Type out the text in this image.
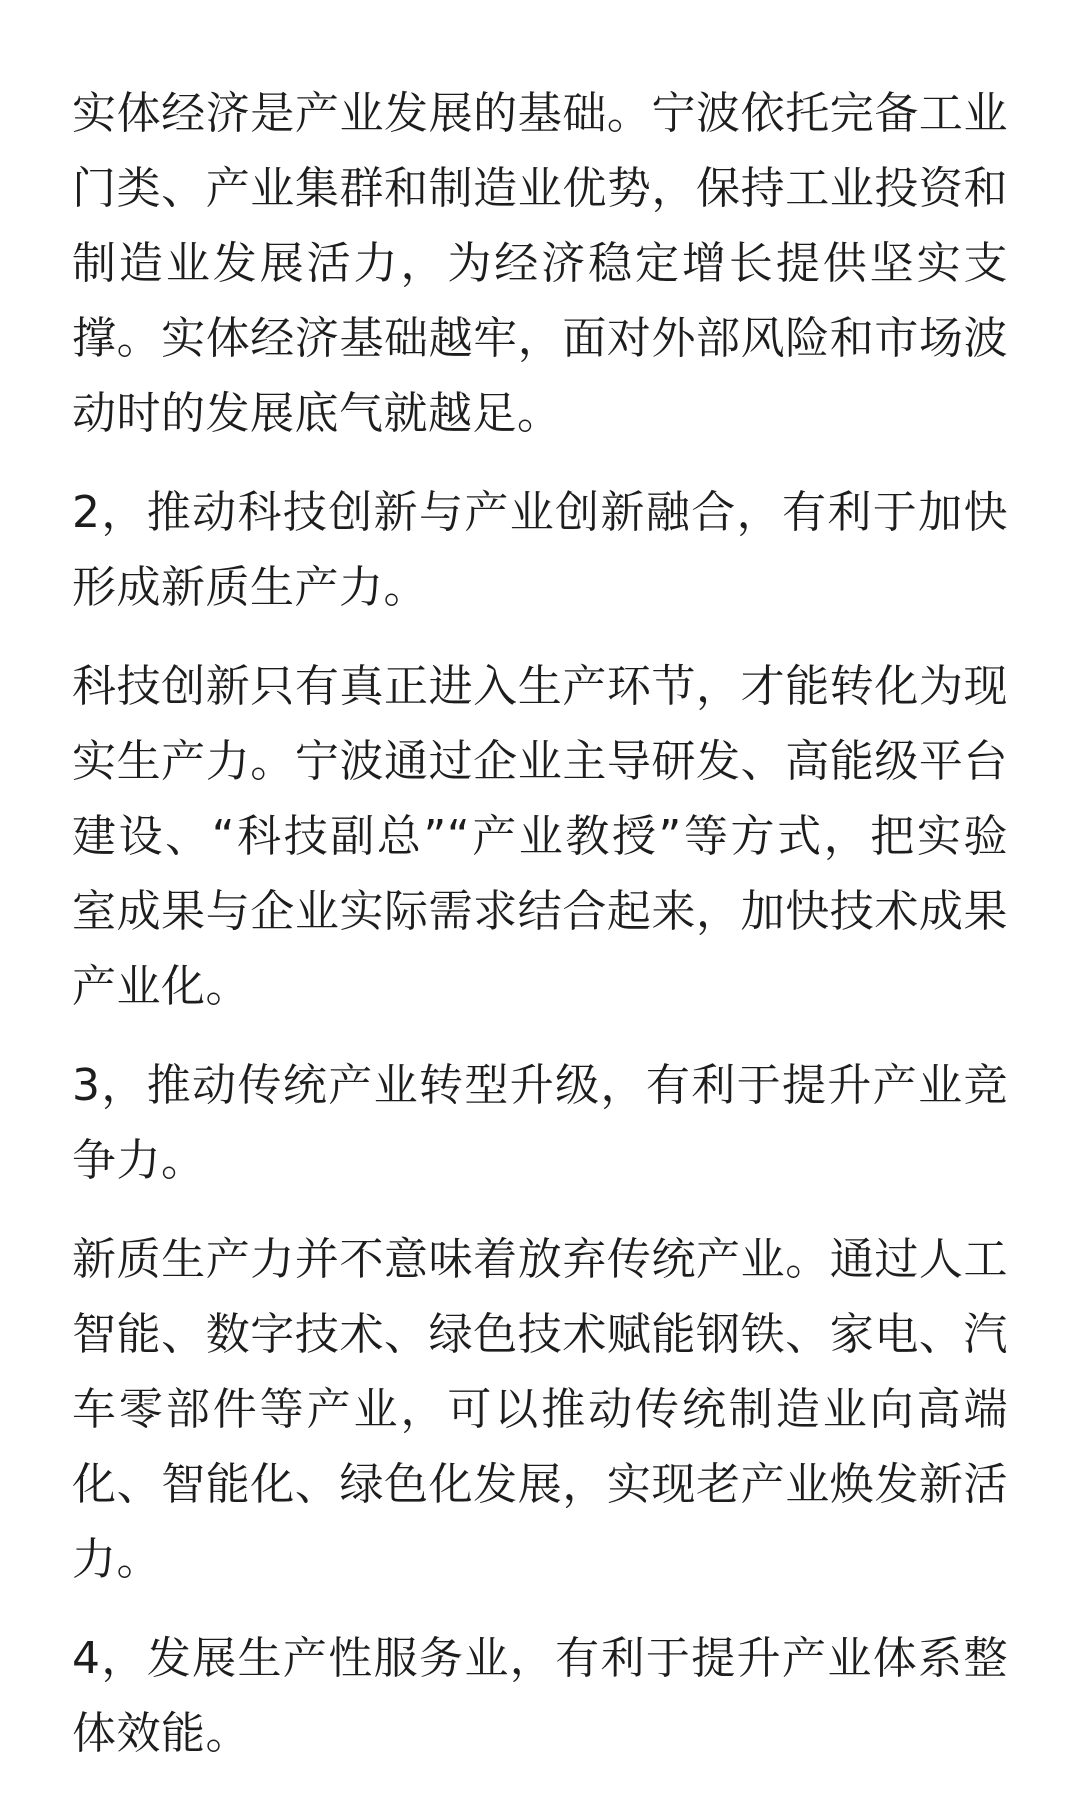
实体经济是产业发展的基础。宁波依托完备工业门类、产业集群和制造业优势，保持工业投资和制造业发展活力，为经济稳定增长提供坚实支撑。实体经济基础越牢，面对外部风险和市场波动时的发展底气就越足。

2，推动科技创新与产业创新融合，有利于加快形成新质生产力。

科技创新只有真正进入生产环节，才能转化为现实生产力。宁波通过企业主导研发、高能级平台建设、“科技副总”“产业教授”等方式，把实验室成果与企业实际需求结合起来，加快技术成果产业化。

3，推动传统产业转型升级，有利于提升产业竞争力。

新质生产力并不意味着放弃传统产业。通过人工智能、数字技术、绿色技术赋能钢铁、家电、汽车零部件等产业，可以推动传统制造业向高端化、智能化、绿色化发展，实现老产业焕发新活力。

4，发展生产性服务业，有利于提升产业体系整体效能。
